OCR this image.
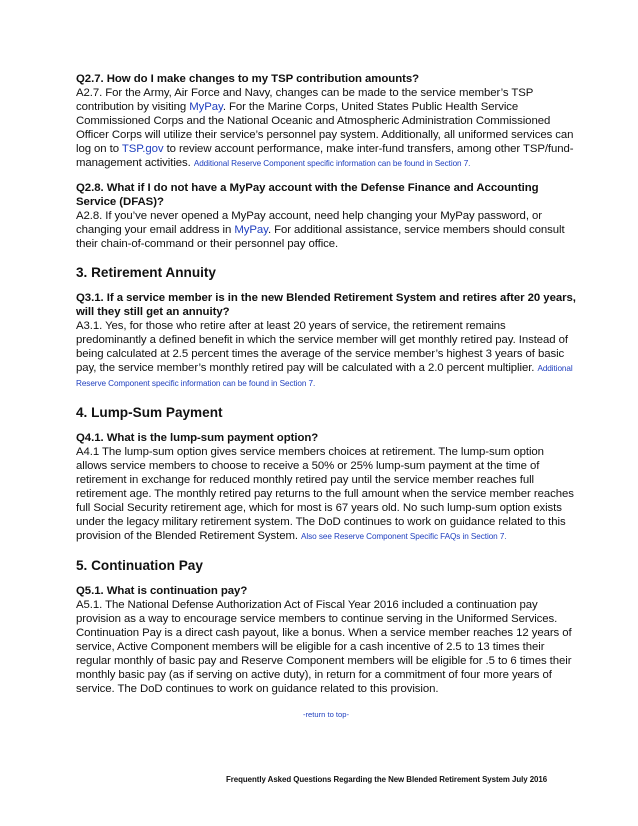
Q2.7. How do I make changes to my TSP contribution amounts?

A2.7. For the Army, Air Force and Navy, changes can be made to the service member’s TSP contribution by visiting MyPay. For the Marine Corps, United States Public Health Service Commissioned Corps and the National Oceanic and Atmospheric Administration Commissioned Officer Corps will utilize their service’s personnel pay system. Additionally, all uniformed services can log on to TSP.gov to review account performance, make inter-fund transfers, among other TSP/fund-management activities. Additional Reserve Component specific information can be found in Section 7.

Q2.8. What if I do not have a MyPay account with the Defense Finance and Accounting Service (DFAS)?

A2.8. If you’ve never opened a MyPay account, need help changing your MyPay password, or changing your email address in MyPay. For additional assistance, service members should consult their chain-of-command or their personnel pay office.

3. Retirement Annuity

Q3.1. If a service member is in the new Blended Retirement System and retires after 20 years, will they still get an annuity?

A3.1. Yes, for those who retire after at least 20 years of service, the retirement remains predominantly a defined benefit in which the service member will get monthly retired pay. Instead of being calculated at 2.5 percent times the average of the service member’s highest 3 years of basic pay, the service member’s monthly retired pay will be calculated with a 2.0 percent multiplier. Additional Reserve Component specific information can be found in Section 7.

4. Lump-Sum Payment

Q4.1. What is the lump-sum payment option?

A4.1 The lump-sum option gives service members choices at retirement. The lump-sum option allows service members to choose to receive a 50% or 25% lump-sum payment at the time of retirement in exchange for reduced monthly retired pay until the service member reaches full retirement age. The monthly retired pay returns to the full amount when the service member reaches full Social Security retirement age, which for most is 67 years old. No such lump-sum option exists under the legacy military retirement system. The DoD continues to work on guidance related to this provision of the Blended Retirement System. Also see Reserve Component Specific FAQs in Section 7.

5. Continuation Pay

Q5.1. What is continuation pay?

A5.1. The National Defense Authorization Act of Fiscal Year 2016 included a continuation pay provision as a way to encourage service members to continue serving in the Uniformed Services. Continuation Pay is a direct cash payout, like a bonus. When a service member reaches 12 years of service, Active Component members will be eligible for a cash incentive of 2.5 to 13 times their regular monthly of basic pay and Reserve Component members will be eligible for .5 to 6 times their monthly basic pay (as if serving on active duty), in return for a commitment of four more years of service. The DoD continues to work on guidance related to this provision.

-return to top-
Frequently Asked Questions Regarding the New Blended Retirement System July 2016
